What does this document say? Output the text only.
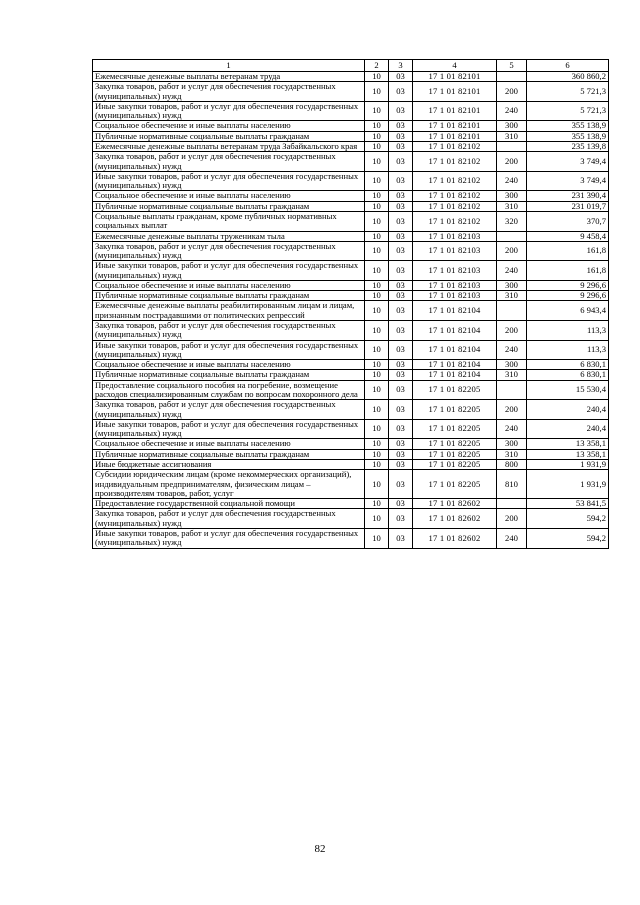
1	2	3	4	5	6
Ежемесячные денежные выплаты ветеранам труда	10	03	17 1 01 82101		360 860,2
Закупка товаров, работ и услуг для обеспечения государственных (муниципальных) нужд	10	03	17 1 01 82101	200	5 721,3
Иные закупки товаров, работ и услуг для обеспечения государственных (муниципальных) нужд	10	03	17 1 01 82101	240	5 721,3
Социальное обеспечение и иные выплаты населению	10	03	17 1 01 82101	300	355 138,9
Публичные нормативные социальные выплаты гражданам	10	03	17 1 01 82101	310	355 138,9
Ежемесячные денежные выплаты ветеранам труда Забайкальского края	10	03	17 1 01 82102		235 139,8
Закупка товаров, работ и услуг для обеспечения государственных (муниципальных) нужд	10	03	17 1 01 82102	200	3 749,4
Иные закупки товаров, работ и услуг для обеспечения государственных (муниципальных) нужд	10	03	17 1 01 82102	240	3 749,4
Социальное обеспечение и иные выплаты населению	10	03	17 1 01 82102	300	231 390,4
Публичные нормативные социальные выплаты гражданам	10	03	17 1 01 82102	310	231 019,7
Социальные выплаты гражданам, кроме публичных нормативных социальных выплат	10	03	17 1 01 82102	320	370,7
Ежемесячные денежные выплаты труженикам тыла	10	03	17 1 01 82103		9 458,4
Закупка товаров, работ и услуг для обеспечения государственных (муниципальных) нужд	10	03	17 1 01 82103	200	161,8
Иные закупки товаров, работ и услуг для обеспечения государственных (муниципальных) нужд	10	03	17 1 01 82103	240	161,8
Социальное обеспечение и иные выплаты населению	10	03	17 1 01 82103	300	9 296,6
Публичные нормативные социальные выплаты гражданам	10	03	17 1 01 82103	310	9 296,6
Ежемесячные денежные выплаты реабилитированным лицам и лицам, признанным пострадавшими от политических репрессий	10	03	17 1 01 82104		6 943,4
Закупка товаров, работ и услуг для обеспечения государственных (муниципальных) нужд	10	03	17 1 01 82104	200	113,3
Иные закупки товаров, работ и услуг для обеспечения государственных (муниципальных) нужд	10	03	17 1 01 82104	240	113,3
Социальное обеспечение и иные выплаты населению	10	03	17 1 01 82104	300	6 830,1
Публичные нормативные социальные выплаты гражданам	10	03	17 1 01 82104	310	6 830,1
Предоставление социального пособия на погребение, возмещение расходов специализированным службам по вопросам похоронного дела	10	03	17 1 01 82205		15 530,4
Закупка товаров, работ и услуг для обеспечения государственных (муниципальных) нужд	10	03	17 1 01 82205	200	240,4
Иные закупки товаров, работ и услуг для обеспечения государственных (муниципальных) нужд	10	03	17 1 01 82205	240	240,4
Социальное обеспечение и иные выплаты населению	10	03	17 1 01 82205	300	13 358,1
Публичные нормативные социальные выплаты гражданам	10	03	17 1 01 82205	310	13 358,1
Иные бюджетные ассигнования	10	03	17 1 01 82205	800	1 931,9
Субсидии юридическим лицам (кроме некоммерческих организаций), индивидуальным предпринимателям, физическим лицам – производителям товаров, работ, услуг	10	03	17 1 01 82205	810	1 931,9
Предоставление государственной социальной помощи	10	03	17 1 01 82602		53 841,5
Закупка товаров, работ и услуг для обеспечения государственных (муниципальных) нужд	10	03	17 1 01 82602	200	594,2
Иные закупки товаров, работ и услуг для обеспечения государственных (муниципальных) нужд	10	03	17 1 01 82602	240	594,2
82
